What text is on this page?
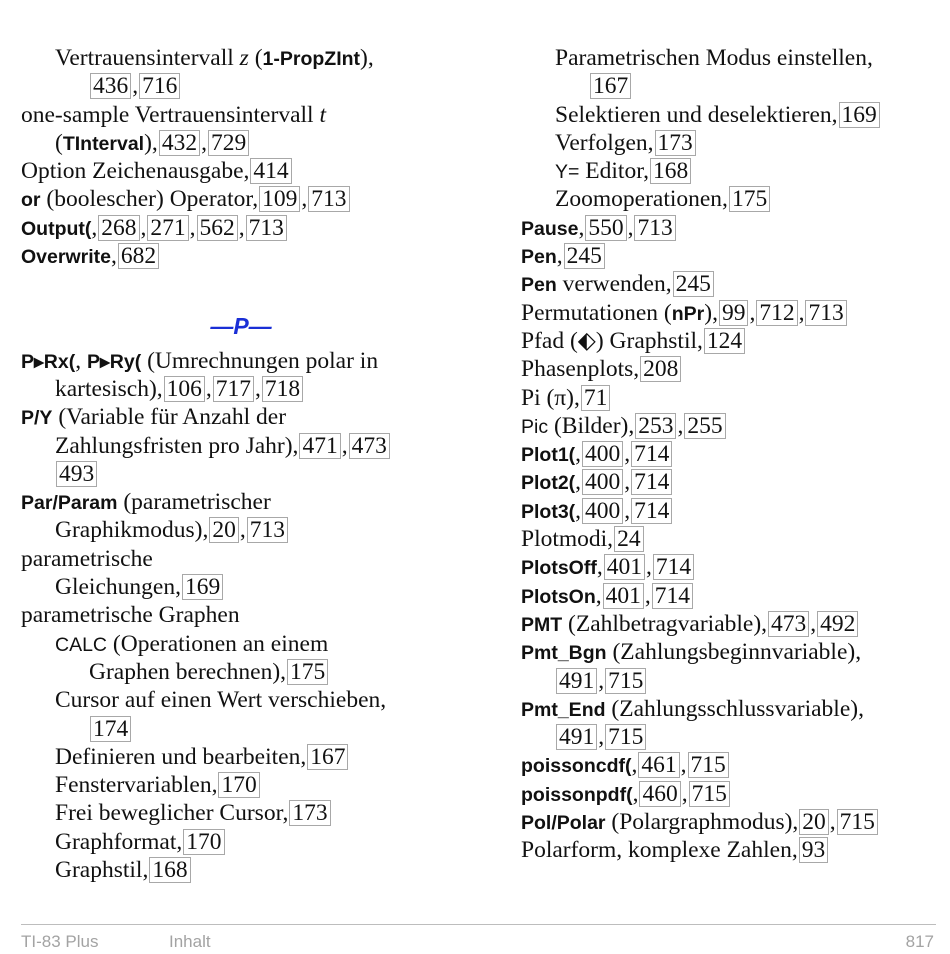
Vertrauensintervall z (1-PropZInt),
436 , 716
one-sample Vertrauensintervall t
(TInterval), 432 , 729
Option Zeichenausgabe, 414
or (boolescher) Operator, 109 , 713
Output(, 268 , 271 , 562 , 713
Overwrite, 682
—P—
P▸Rx(, P▸Ry( (Umrechnungen polar in
kartesisch), 106 , 717 , 718
P/Y (Variable für Anzahl der
Zahlungsfristen pro Jahr), 471 , 473
493
Par/Param (parametrischer
Graphikmodus), 20 , 713
parametrische
Gleichungen, 169
parametrische Graphen
CALC (Operationen an einem
Graphen berechnen), 175
Cursor auf einen Wert verschieben,
174
Definieren und bearbeiten, 167
Fenstervariablen, 170
Frei beweglicher Cursor, 173
Graphformat, 170
Graphstil, 168
Parametrischen Modus einstellen,
167
Selektieren und deselektieren, 169
Verfolgen, 173
Y= Editor, 168
Zoomoperationen, 175
Pause, 550 , 713
Pen, 245
Pen verwenden, 245
Permutationen (nPr), 99 , 712 , 713
Pfad (⬖) Graphstil, 124
Phasenplots, 208
Pi (π), 71
Pic (Bilder), 253 , 255
Plot1(, 400 , 714
Plot2(, 400 , 714
Plot3(, 400 , 714
Plotmodi, 24
PlotsOff, 401 , 714
PlotsOn, 401 , 714
PMT (Zahlbetragvariable), 473 , 492
Pmt_Bgn (Zahlungsbeginnvariable),
491 , 715
Pmt_End (Zahlungsschlussvariable),
491 , 715
poissoncdf(, 461 , 715
poissonpdf(, 460 , 715
Pol/Polar (Polargraphmodus), 20 , 715
Polarform, komplexe Zahlen, 93
TI-83 Plus	Inhalt	817
